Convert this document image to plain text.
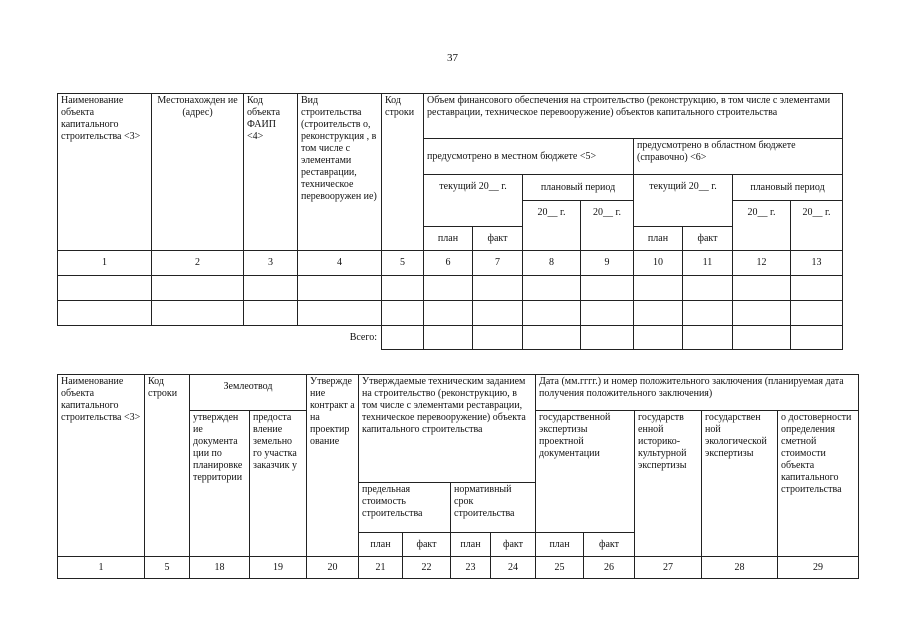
37
Наименование объекта капитального строительства <3>	Местонахожден ие (адрес)	Код объекта ФАИП <4>	Вид строительства (строительств о, реконструкция , в том числе с элементами реставрации, техническое перевооружен ие)	Код строки	Объем финансового обеспечения на строительство (реконструкцию, в том числе с элементами реставрации, техническое перевооружение) объектов капитального строительства							
					предусмотрено в местном бюджете <5>				предусмотрено в областном бюджете (справочно) <6>			
					текущий 20__ г.		плановый период		текущий 20__ г.		плановый период	
							20__ г.	20__ г.			20__ г.	20__ г.
					план	факт			план	факт		
1	2	3	4	5	6	7	8	9	10	11	12	13

Всего:												
Наименование объекта капитального строительства <3>	Код строки	Землеотвод		Утверждение контракт а на проектир ование	Утверждаемые техническим заданием на строительство (реконструкцию, в том числе с элементами реставрации, техническое перевооружение) объекта капитального строительства				Дата (мм.гггг.) и номер положительного заключения (планируемая дата получения положительного заключения)				
		утвержден ие документа ции по планировке территории	предоста вление земельно го участка заказчик у						государственной экспертизы проектной документации		государств енной историко-культурной экспертизы	государствен ной экологической экспертизы	о достоверности определения сметной стоимости объекта капитального строительства
					предельная стоимость строительства		нормативный срок строительства						
					план	факт	план	факт	план	факт			
1	5	18	19	20	21	22	23	24	25	26	27	28	29
